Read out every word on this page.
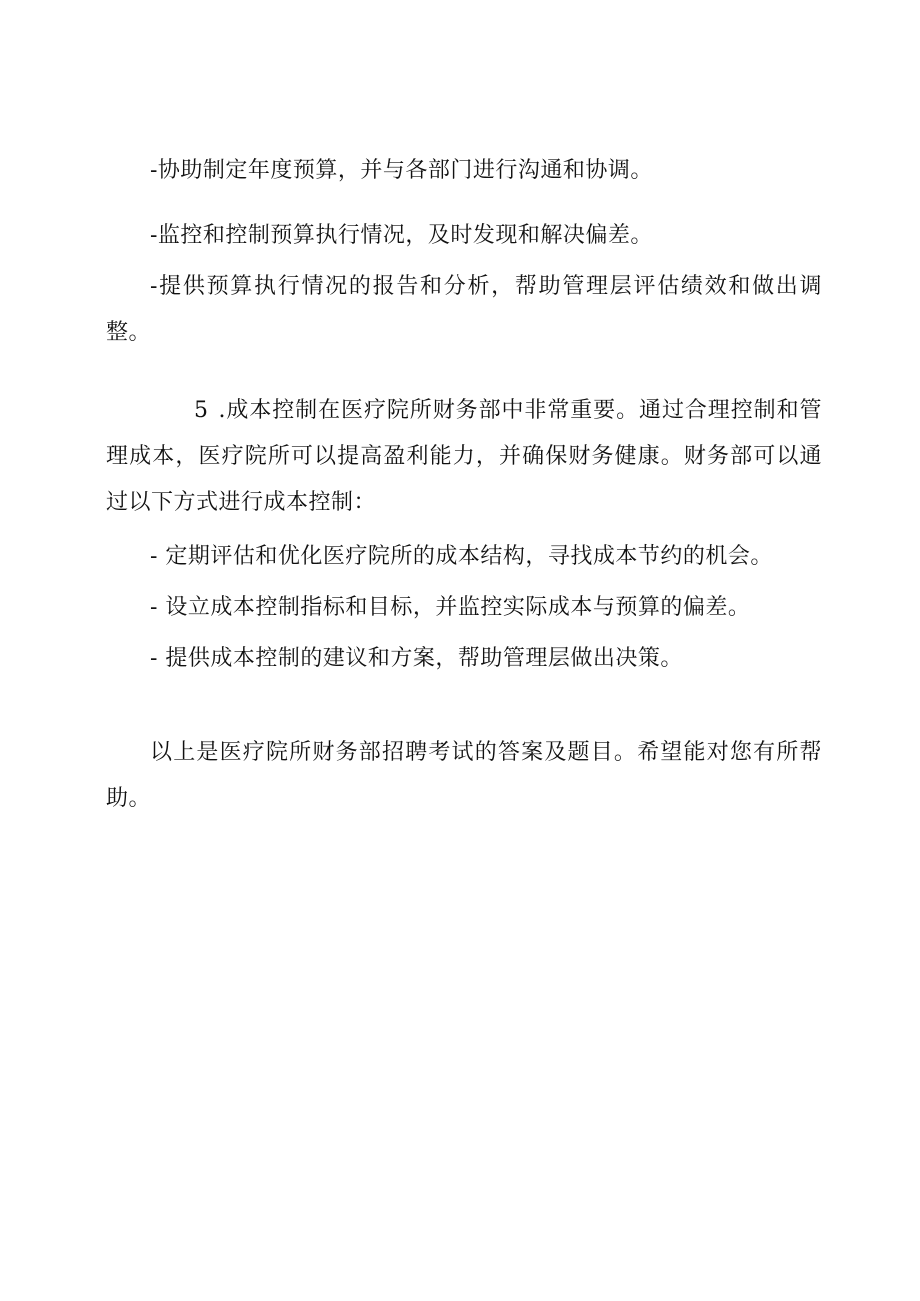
-协助制定年度预算，并与各部门进行沟通和协调。

-监控和控制预算执行情况，及时发现和解决偏差。

-提供预算执行情况的报告和分析，帮助管理层评估绩效和做出调整。

5 .成本控制在医疗院所财务部中非常重要。通过合理控制和管理成本，医疗院所可以提高盈利能力，并确保财务健康。财务部可以通过以下方式进行成本控制：

- 定期评估和优化医疗院所的成本结构，寻找成本节约的机会。

- 设立成本控制指标和目标，并监控实际成本与预算的偏差。

- 提供成本控制的建议和方案，帮助管理层做出决策。

以上是医疗院所财务部招聘考试的答案及题目。希望能对您有所帮助。
